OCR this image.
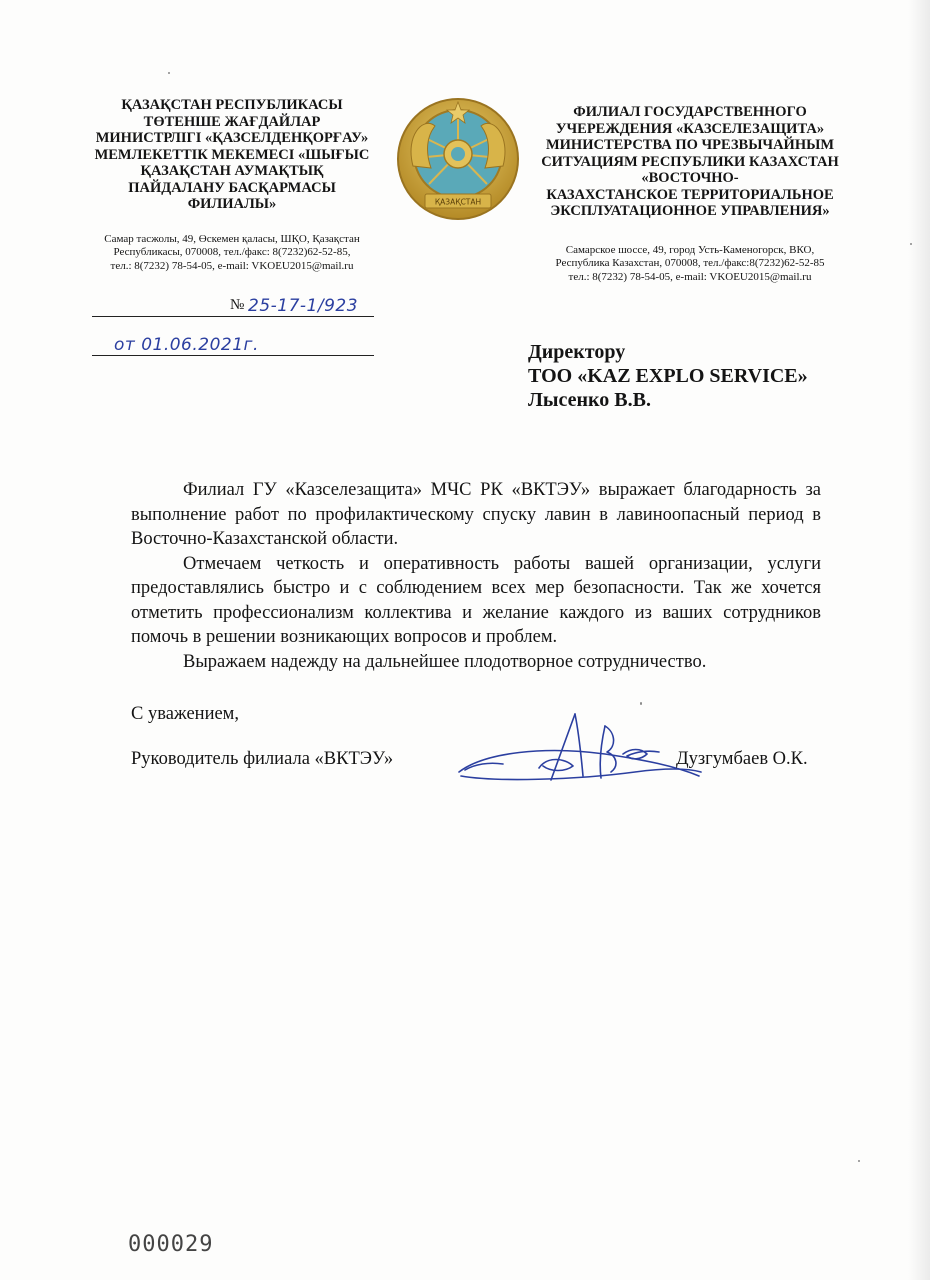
ҚАЗАҚСТАН РЕСПУБЛИКАСЫ
ТӨТЕНШЕ ЖАҒДАЙЛАР
МИНИСТРЛІГІ «ҚАЗСЕЛДЕНҚОРҒАУ»
МЕМЛЕКЕТТІК МЕКЕМЕСІ «ШЫҒЫС
ҚАЗАҚСТАН АУМАҚТЫҚ
ПАЙДАЛАНУ БАСҚАРМАСЫ
ФИЛИАЛЫ»
Самар тасжолы, 49, Өскемен қаласы, ШҚО, Қазақстан
Республикасы, 070008, тел./факс: 8(7232)62-52-85,
тел.: 8(7232) 78-54-05, e-mail: VKOEU2015@mail.ru
ҚАЗАҚСТАН
ФИЛИАЛ ГОСУДАРСТВЕННОГО
УЧЕРЕЖДЕНИЯ «КАЗСЕЛЕЗАЩИТА»
МИНИСТЕРСТВА ПО ЧРЕЗВЫЧАЙНЫМ
СИТУАЦИЯМ РЕСПУБЛИКИ КАЗАХСТАН
«ВОСТОЧНО-
КАЗАХСТАНСКОЕ ТЕРРИТОРИАЛЬНОЕ
ЭКСПЛУАТАЦИОННОЕ УПРАВЛЕНИЯ»
Самарское шоссе, 49, город Усть-Каменогорск, ВКО,
Республика Казахстан, 070008, тел./факс:8(7232)62-52-85
тел.: 8(7232) 78-54-05, e-mail: VKOEU2015@mail.ru
№ 25-17-1/923
от 01.06.2021г.	Директору
ТОО «KAZ EXPLO SERVICE»
Лысенко В.В.

Филиал ГУ «Казселезащита» МЧС РК «ВКТЭУ» выражает благодарность за выполнение работ по профилактическому спуску лавин в лавиноопасный период в Восточно-Казахстанской области.

Отмечаем четкость и оперативность работы вашей организации, услуги предоставлялись быстро и с соблюдением всех мер безопасности. Так же хочется отметить профессионализм коллектива и желание каждого из ваших сотрудников помочь в решении возникающих вопросов и проблем.

Выражаем надежду на дальнейшее плодотворное сотрудничество.

С уважением,
Руководитель филиала «ВКТЭУ»	Дузгумбаев О.К.
000029
